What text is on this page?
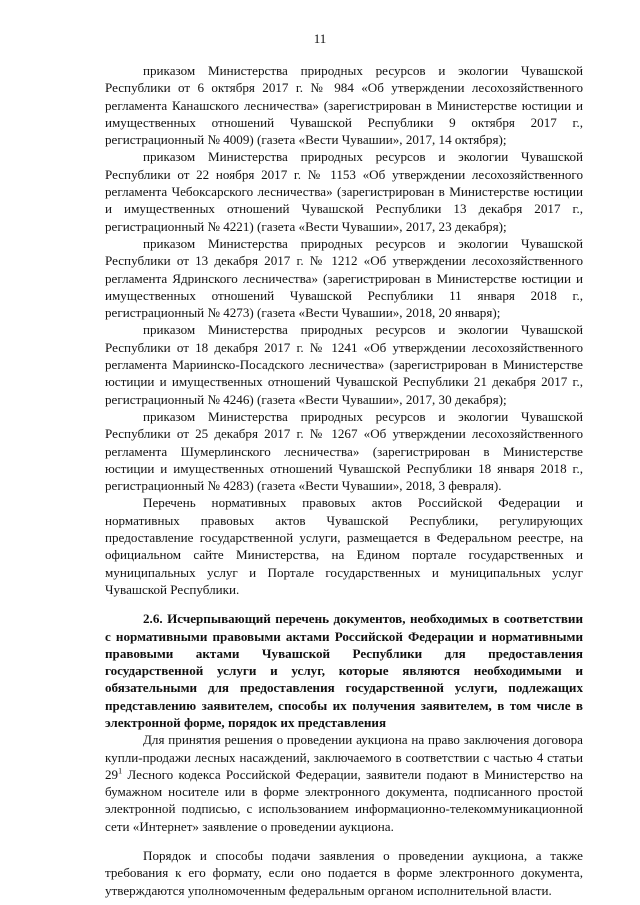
11

приказом Министерства природных ресурсов и экологии Чувашской Республики от 6 октября 2017 г. № 984 «Об утверждении лесохозяйственного регламента Канашского лесничества» (зарегистрирован в Министерстве юстиции и имущественных отношений Чувашской Республики 9 октября 2017 г., регистрационный № 4009) (газета «Вести Чувашии», 2017, 14 октября);

приказом Министерства природных ресурсов и экологии Чувашской Республики от 22 ноября 2017 г. № 1153 «Об утверждении лесохозяйственного регламента Чебоксарского лесничества» (зарегистрирован в Министерстве юстиции и имущественных отношений Чувашской Республики 13 декабря 2017 г., регистрационный № 4221) (газета «Вести Чувашии», 2017, 23 декабря);

приказом Министерства природных ресурсов и экологии Чувашской Республики от 13 декабря 2017 г. № 1212 «Об утверждении лесохозяйственного регламента Ядринского лесничества» (зарегистрирован в Министерстве юстиции и имущественных отношений Чувашской Республики 11 января 2018 г., регистрационный № 4273) (газета «Вести Чувашии», 2018, 20 января);

приказом Министерства природных ресурсов и экологии Чувашской Республики от 18 декабря 2017 г. № 1241 «Об утверждении лесохозяйственного регламента Мариинско-Посадского лесничества» (зарегистрирован в Министерстве юстиции и имущественных отношений Чувашской Республики 21 декабря 2017 г., регистрационный № 4246) (газета «Вести Чувашии», 2017, 30 декабря);

приказом Министерства природных ресурсов и экологии Чувашской Республики от 25 декабря 2017 г. № 1267 «Об утверждении лесохозяйственного регламента Шумерлинского лесничества» (зарегистрирован в Министерстве юстиции и имущественных отношений Чувашской Республики 18 января 2018 г., регистрационный № 4283) (газета «Вести Чувашии», 2018, 3 февраля).

Перечень нормативных правовых актов Российской Федерации и нормативных правовых актов Чувашской Республики, регулирующих предоставление государственной услуги, размещается в Федеральном реестре, на официальном сайте Министерства, на Едином портале государственных и муниципальных услуг и Портале государственных и муниципальных услуг Чувашской Республики.

2.6. Исчерпывающий перечень документов, необходимых в соответствии с нормативными правовыми актами Российской Федерации и нормативными правовыми актами Чувашской Республики для предоставления государственной услуги и услуг, которые являются необходимыми и обязательными для предоставления государственной услуги, подлежащих представлению заявителем, способы их получения заявителем, в том числе в электронной форме, порядок их представления

Для принятия решения о проведении аукциона на право заключения договора купли-продажи лесных насаждений, заключаемого в соответствии с частью 4 статьи $29^1$ Лесного кодекса Российской Федерации, заявители подают в Министерство на бумажном носителе или в форме электронного документа, подписанного простой электронной подписью, с использованием информационно-телекоммуникационной сети «Интернет» заявление о проведении аукциона.

Порядок и способы подачи заявления о проведении аукциона, а также требования к его формату, если оно подается в форме электронного документа, утверждаются уполномоченным федеральным органом исполнительной власти.
